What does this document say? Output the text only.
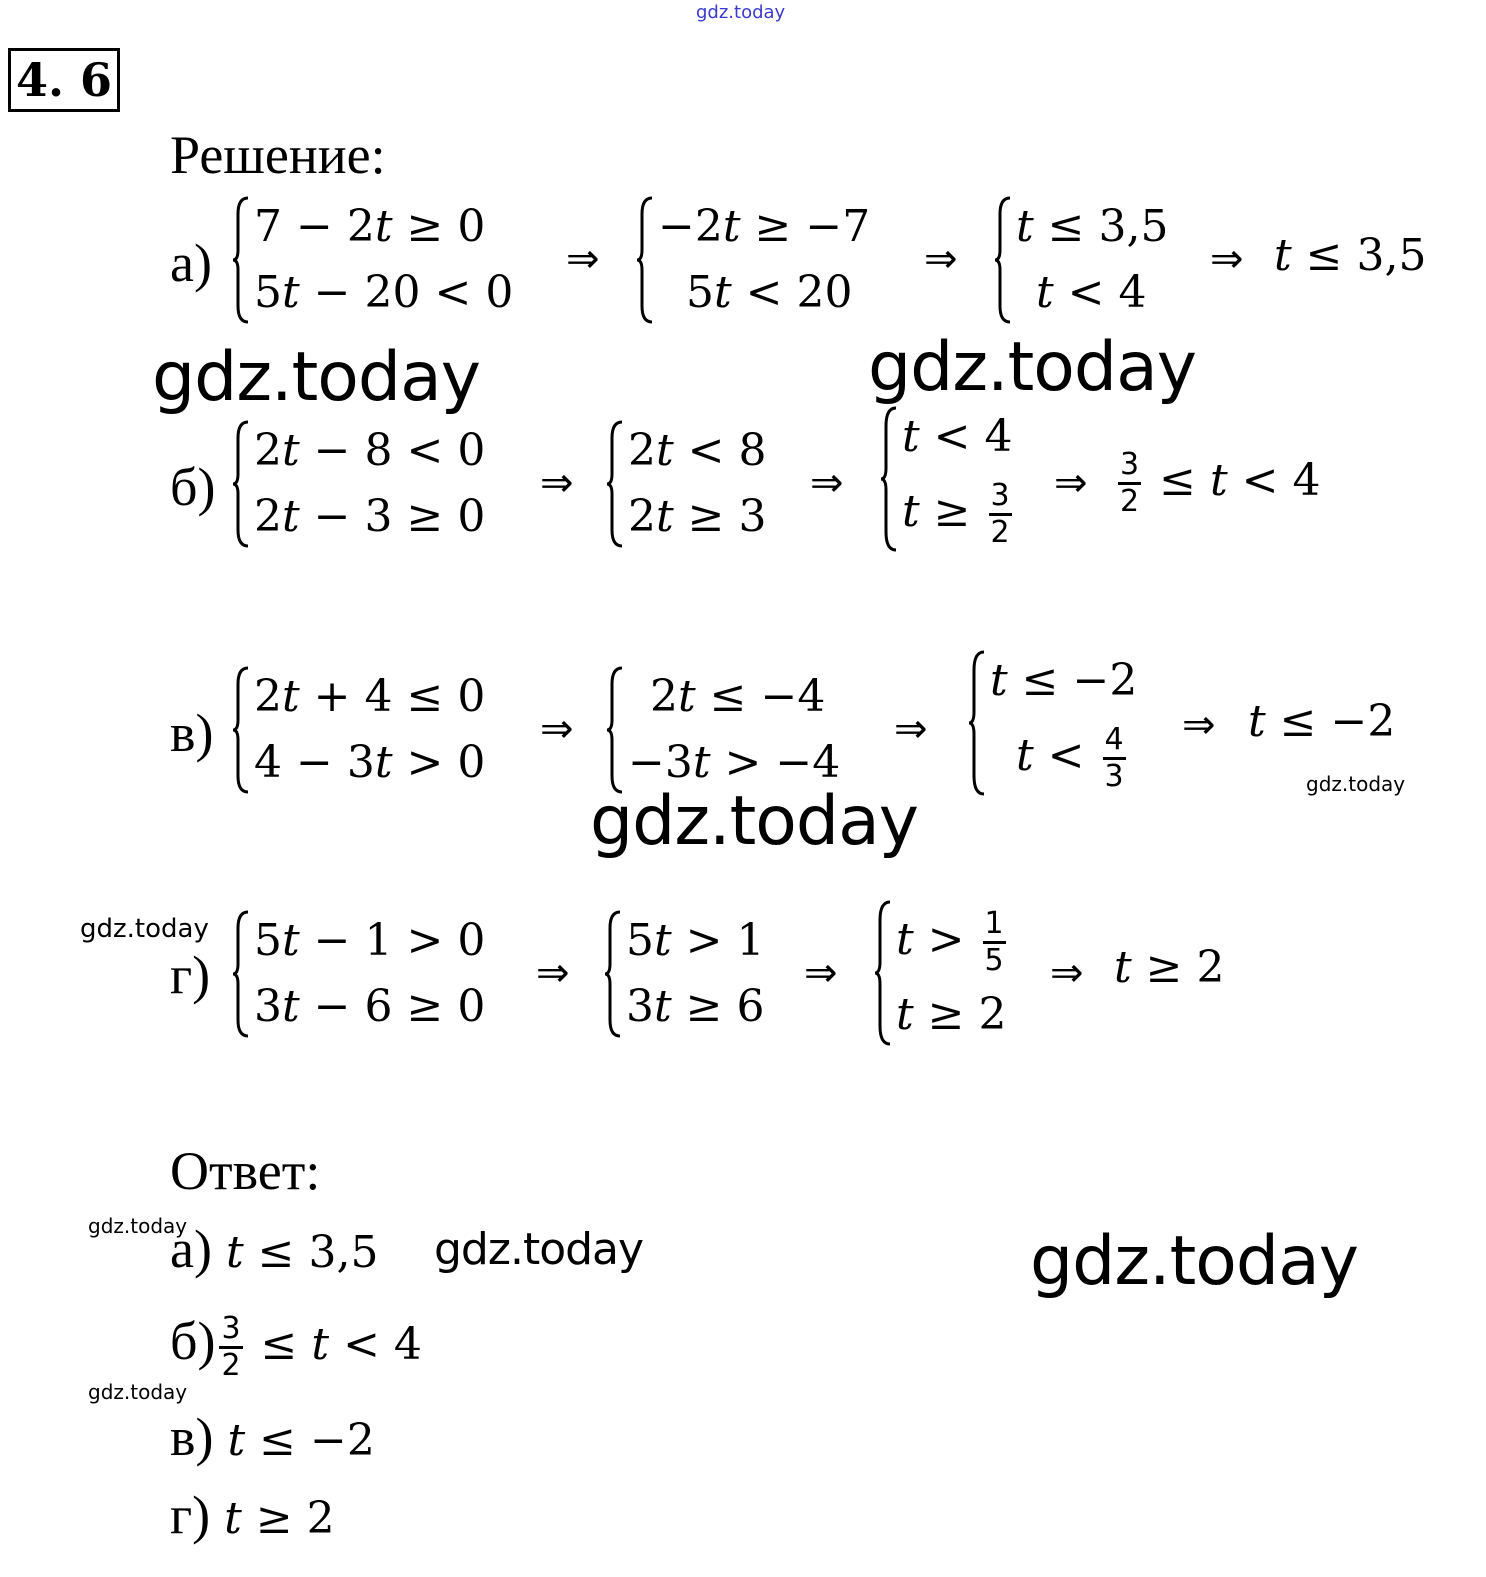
gdz.today
gdz.today	gdz.today
gdz.today	gdz.today
gdz.today
gdz.today	gdz.today	gdz.today
gdz.today
4. 6
Решение:
а)
7 − 2t ≥ 0
5t − 20 < 0
⇒
−2t ≥ −7
5t < 20
⇒
t ≤ 3,5
t < 4
⇒ t ≤ 3,5
б)
2t − 8 < 0
2t − 3 ≥ 0
⇒
2t < 8
2t ≥ 3
⇒
t < 4
$t \ge \frac{3}{2}$ ⇒ $\frac{3}{2} \le t < 4$
в)
2t + 4 ≤ 0
4 − 3t > 0
⇒
2t ≤ −4
−3t > −4
⇒
t ≤ −2
$t < \frac{4}{3}$ ⇒ t ≤ −2
г)
5t − 1 > 0
3t − 6 ≥ 0
⇒
5t > 1
3t ≥ 6
⇒
$t > \frac{1}{5}$
t ≥ 2
⇒ t ≥ 2
Ответ:
а) t ≤ 3,5
$б) \frac{3}{2} \le t < 4$
в) t ≤ −2
г) t ≥ 2
